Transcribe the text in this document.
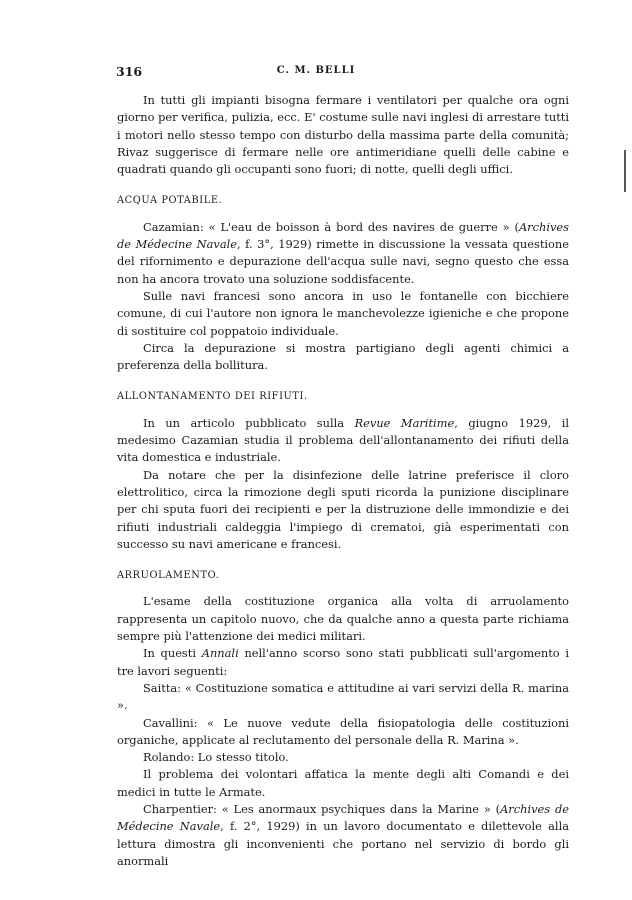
316	C. M. BELLI

In tutti gli impianti bisogna fermare i ventilatori per qualche ora ogni giorno per verifica, pulizia, ecc. E' costume sulle navi inglesi di arrestare tutti i motori nello stesso tempo con disturbo della massima parte della comunità; Rivaz suggerisce di fermare nelle ore antimeridiane quelli delle cabine e quadrati quando gli occupanti sono fuori; di notte, quelli degli uffici.

ACQUA POTABILE.

Cazamian: « L'eau de boisson à bord des navires de guerre » (Archives de Médecine Navale, f. 3°, 1929) rimette in discussione la vessata questione del rifornimento e depurazione dell'acqua sulle navi, segno questo che essa non ha ancora trovato una soluzione soddisfacente.

Sulle navi francesi sono ancora in uso le fontanelle con bicchiere comune, di cui l'autore non ignora le manchevolezze igieniche e che propone di sostituire col poppatoio individuale.

Circa la depurazione si mostra partigiano degli agenti chimici a preferenza della bollitura.

ALLONTANAMENTO DEI RIFIUTI.

In un articolo pubblicato sulla Revue Maritime, giugno 1929, il medesimo Cazamian studia il problema dell'allontanamento dei rifiuti della vita domestica e industriale.

Da notare che per la disinfezione delle latrine preferisce il cloro elettrolitico, circa la rimozione degli sputi ricorda la punizione disciplinare per chi sputa fuori dei recipienti e per la distruzione delle immondizie e dei rifiuti industriali caldeggia l'impiego di crematoi, già esperimentati con successo su navi americane e francesi.

ARRUOLAMENTO.

L'esame della costituzione organica alla volta di arruolamento rappresenta un capitolo nuovo, che da qualche anno a questa parte richiama sempre più l'attenzione dei medici militari.

In questi Annali nell'anno scorso sono stati pubblicati sull'argomento i tre lavori seguenti:

Saitta: « Costituzione somatica e attitudine ai vari servizi della R. marina ».

Cavallini: « Le nuove vedute della fisiopatologia delle costituzioni organiche, applicate al reclutamento del personale della R. Marina ».

Rolando: Lo stesso titolo.

Il problema dei volontari affatica la mente degli alti Comandi e dei medici in tutte le Armate.

Charpentier: « Les anormaux psychiques dans la Marine » (Archives de Médecine Navale, f. 2°, 1929) in un lavoro documentato e dilettevole alla lettura dimostra gli inconvenienti che portano nel servizio di bordo gli anormali
